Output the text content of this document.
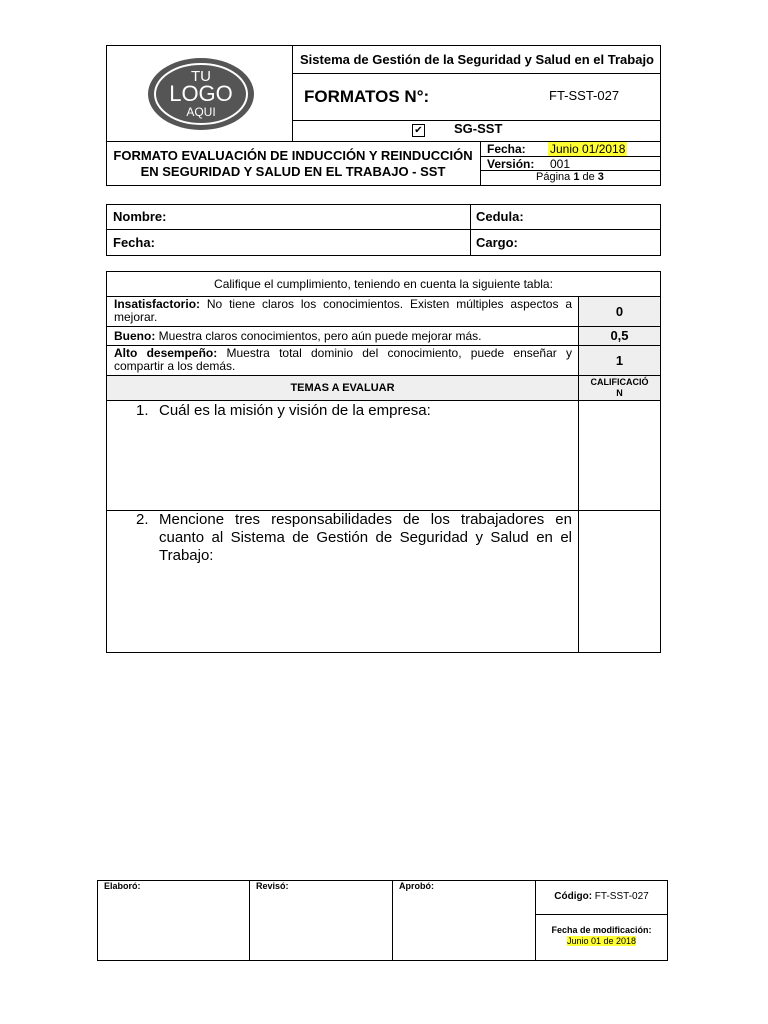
TU
LOGO
AQUI
Sistema de Gestión de la Seguridad y Salud en el Trabajo
FORMATOS N°:	FT-SST-027
✔ SG-SST
FORMATO EVALUACIÓN DE INDUCCIÓN Y REINDUCCIÓN
EN SEGURIDAD Y SALUD EN EL TRABAJO - SST
Fecha: Junio 01/2018
Versión: 001
Página 1 de 3
Nombre:	Cedula:
Fecha:	Cargo:
Califique el cumplimiento, teniendo en cuenta la siguiente tabla:
Insatisfactorio: No tiene claros los conocimientos. Existen múltiples aspectos a mejorar.	0
Bueno: Muestra claros conocimientos, pero aún puede mejorar más.	0,5
Alto desempeño: Muestra total dominio del conocimiento, puede enseñar y compartir a los demás.	1
TEMAS A EVALUAR	CALIFICACIÓ
N
1. Cuál es la misión y visión de la empresa:
2. Mencione tres responsabilidades de los trabajadores en cuanto al Sistema de Gestión de Seguridad y Salud en el Trabajo:
Elaboró:	Revisó:	Aprobó:
Código: FT-SST-027
Fecha de modificación:
Junio 01 de 2018
